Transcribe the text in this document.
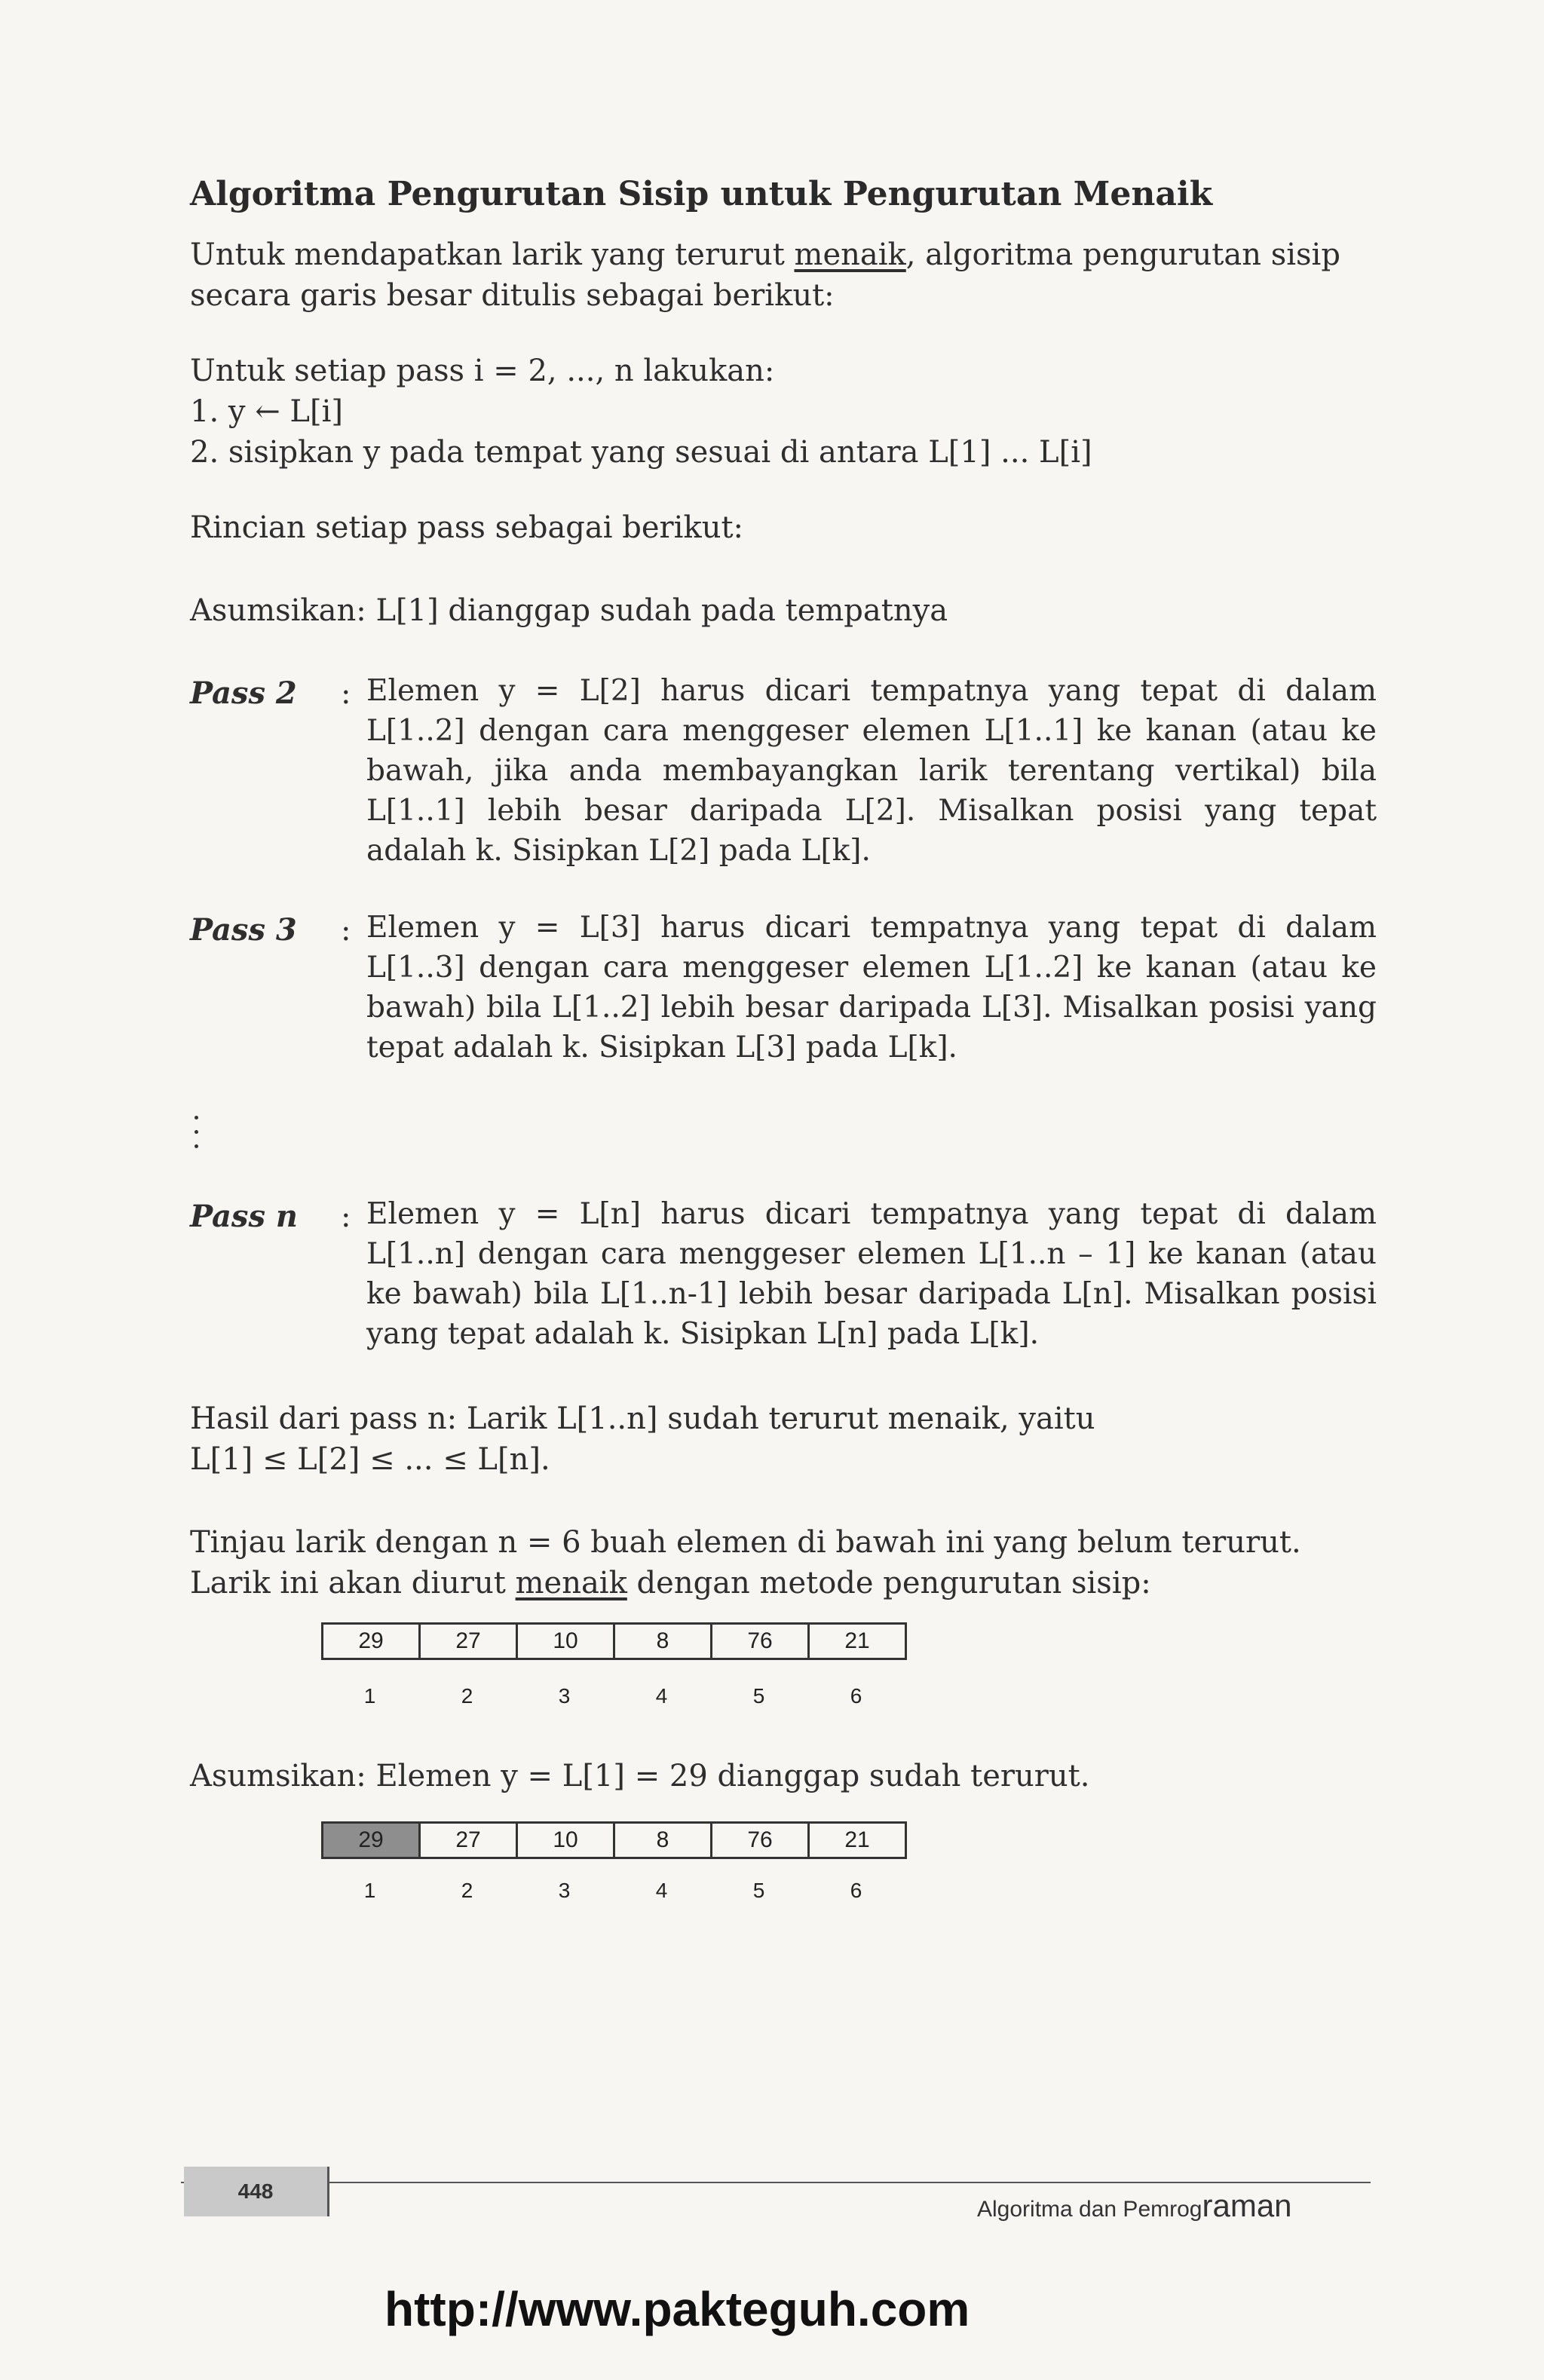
Algoritma Pengurutan Sisip untuk Pengurutan Menaik

Untuk mendapatkan larik yang terurut menaik, algoritma pengurutan sisip

secara garis besar ditulis sebagai berikut:

Untuk setiap pass i = 2, ..., n lakukan:

1. y ← L[i]

2. sisipkan y pada tempat yang sesuai di antara L[1] ... L[i]

Rincian setiap pass sebagai berikut:

Asumsikan: L[1] dianggap sudah pada tempatnya

Pass 2 : Elemen y = L[2] harus dicari tempatnya yang tepat di dalam L[1..2] dengan cara menggeser elemen L[1..1] ke kanan (atau ke bawah, jika anda membayangkan larik terentang vertikal) bila L[1..1] lebih besar daripada L[2]. Misalkan posisi yang tepat adalah k. Sisipkan L[2] pada L[k].

Pass 3 : Elemen y = L[3] harus dicari tempatnya yang tepat di dalam L[1..3] dengan cara menggeser elemen L[1..2] ke kanan (atau ke bawah) bila L[1..2] lebih besar daripada L[3]. Misalkan posisi yang tepat adalah k. Sisipkan L[3] pada L[k].

Pass n : Elemen y = L[n] harus dicari tempatnya yang tepat di dalam L[1..n] dengan cara menggeser elemen L[1..n – 1] ke kanan (atau ke bawah) bila L[1..n-1] lebih besar daripada L[n]. Misalkan posisi yang tepat adalah k. Sisipkan L[n] pada L[k].

Hasil dari pass n: Larik L[1..n] sudah terurut menaik, yaitu

L[1] ≤ L[2] ≤ ... ≤ L[n].

Tinjau larik dengan n = 6 buah elemen di bawah ini yang belum terurut.

Larik ini akan diurut menaik dengan metode pengurutan sisip:

29	27	10	8	76	21
1	2	3	4	5	6

Asumsikan: Elemen y = L[1] = 29 dianggap sudah terurut.

29	27	10	8	76	21
1	2	3	4	5	6
448

Algoritma dan Pemrograman

http://www.pakteguh.com
